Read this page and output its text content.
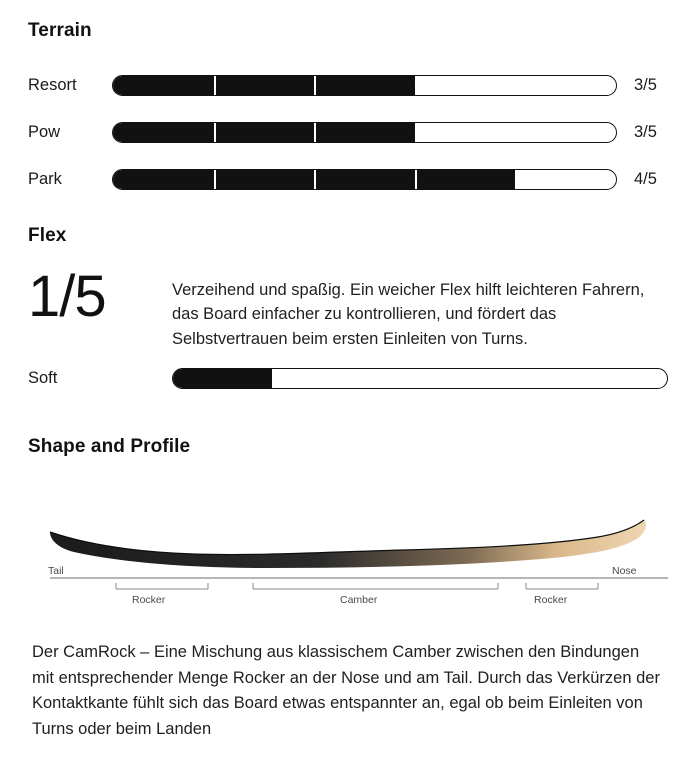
Terrain
Resort	3/5
Pow	3/5
Park	4/5
Flex
1/5	Verzeihend und spaßig. Ein weicher Flex hilft leichteren Fahrern, das Board einfacher zu kontrollieren, und fördert das Selbstvertrauen beim ersten Einleiten von Turns.
Soft
Shape and Profile
Tail	Nose
Rocker	Camber	Rocker
Der CamRock – Eine Mischung aus klassischem Camber zwischen den Bindungen mit entsprechender Menge Rocker an der Nose und am Tail. Durch das Verkürzen der Kontaktkante fühlt sich das Board etwas entspannter an, egal ob beim Einleiten von Turns oder beim Landen
